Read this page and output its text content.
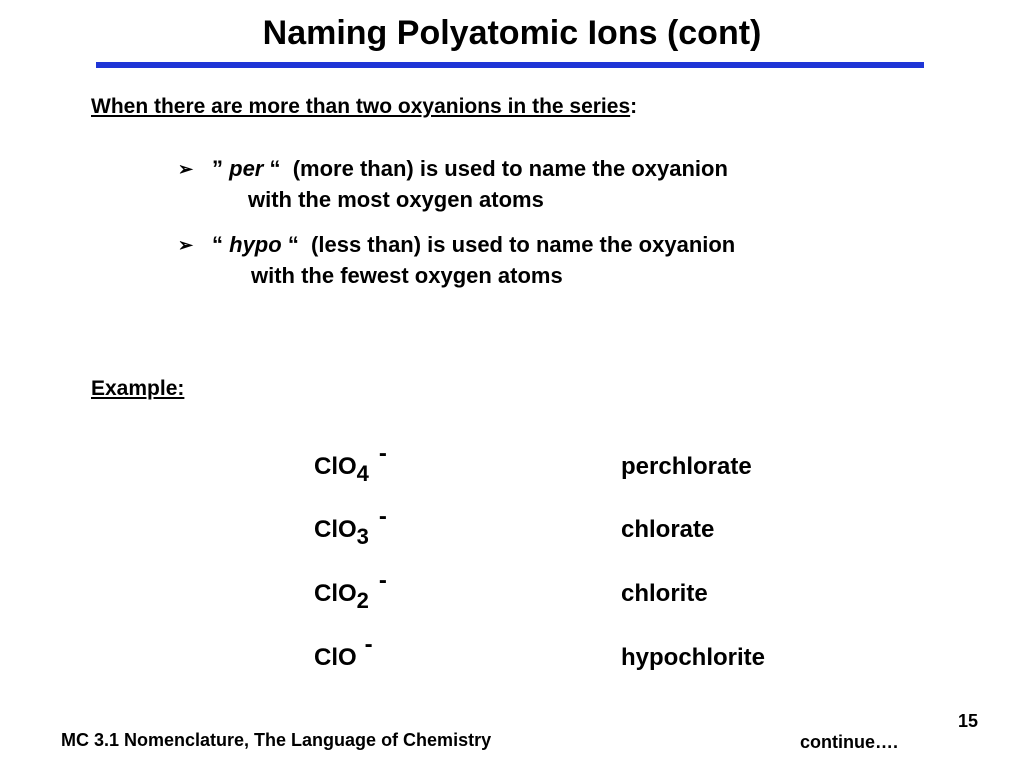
Naming Polyatomic Ions (cont)
When there are more than two oxyanions in the series:
➢ ” per “ (more than) is used to name the oxyanion
with the most oxygen atoms
➢ “ hypo “ (less than) is used to name the oxyanion
with the fewest oxygen atoms
Example:
ClO4-	perchlorate
ClO3-	chlorate
ClO2-	chlorite
ClO -	hypochlorite
MC 3.1 Nomenclature, The Language of Chemistry
15
continue….
